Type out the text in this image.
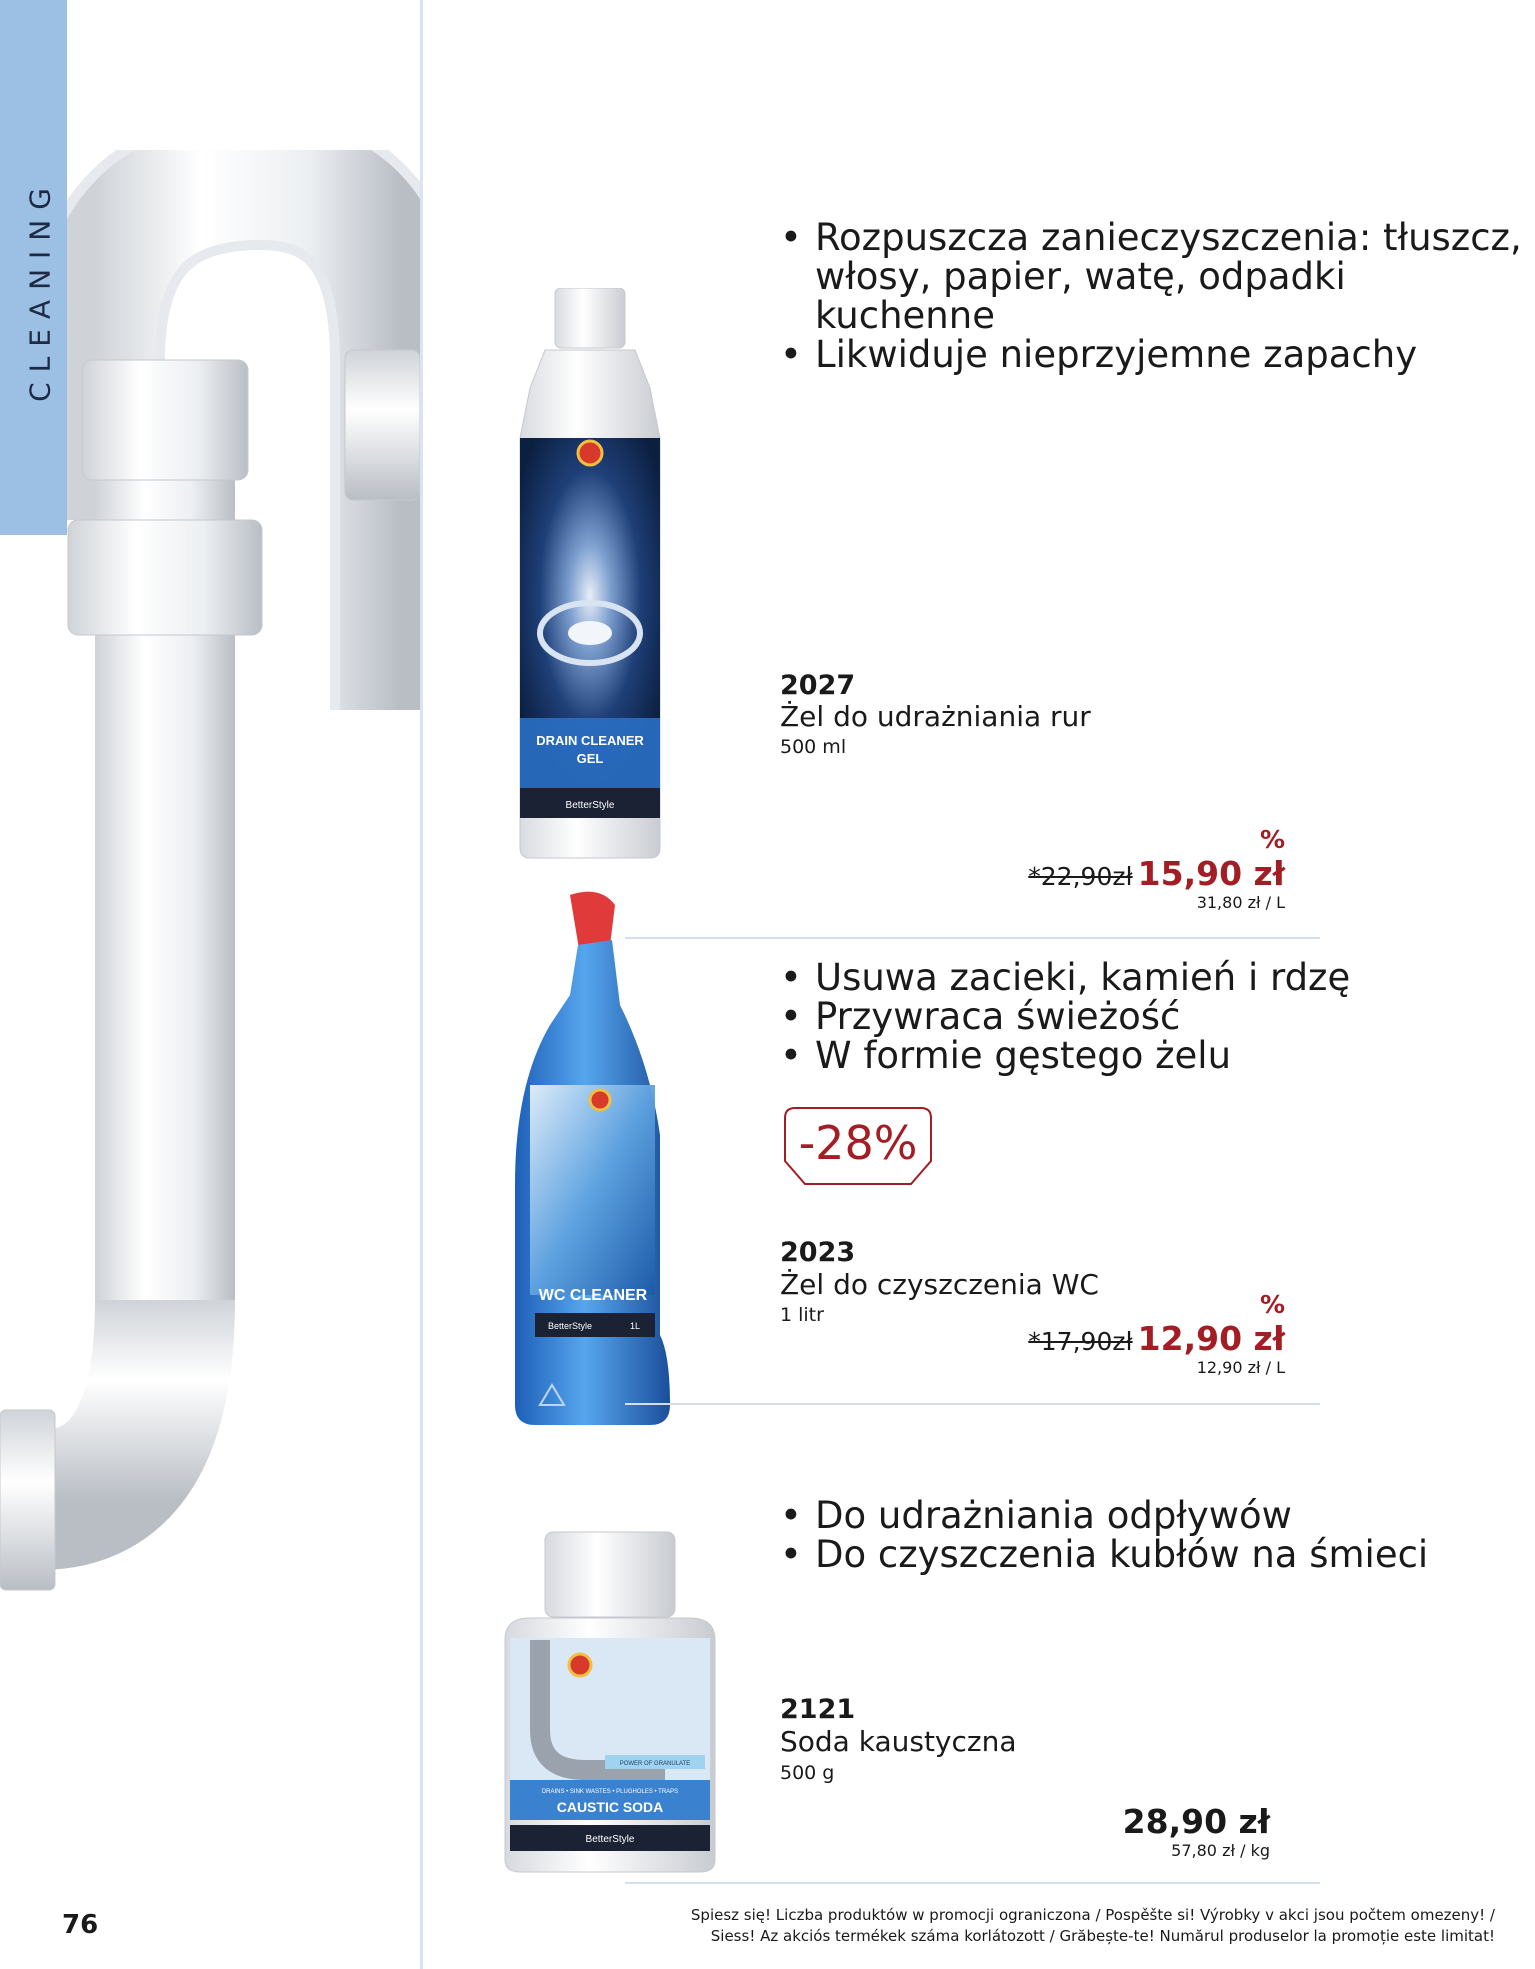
CLEANING
•	Rozpuszcza zanieczyszczenia: tłuszcz,
włosy, papier, watę, odpadki kuchenne
• Likwiduje nieprzyjemne zapachy
DRAIN CLEANER
GEL
BetterStyle
2027
Żel do udrażniania rur
500 ml
%
*22,90zł 15,90 zł
31,80 zł / L
• Usuwa zacieki, kamień i rdzę
• Przywraca świeżość
• W formie gęstego żelu
-28%
WC CLEANER
BetterStyle	1L
2023
Żel do czyszczenia WC
1 litr	%
*17,90zł 12,90 zł
12,90 zł / L
• Do udrażniania odpływów
• Do czyszczenia kubłów na śmieci
DRAINS • SINK WASTES • PLUGHOLES • TRAPS
CAUSTIC SODA
POWER OF GRANULATE
BetterStyle
2121
Soda kaustyczna
500 g
28,90 zł
57,80 zł / kg
76	Spiesz się! Liczba produktów w promocji ograniczona / Pospěšte si! Výrobky v akci jsou počtem omezeny! /
Siess! Az akciós termékek száma korlátozott / Grăbește-te! Numărul produselor la promoție este limitat!
